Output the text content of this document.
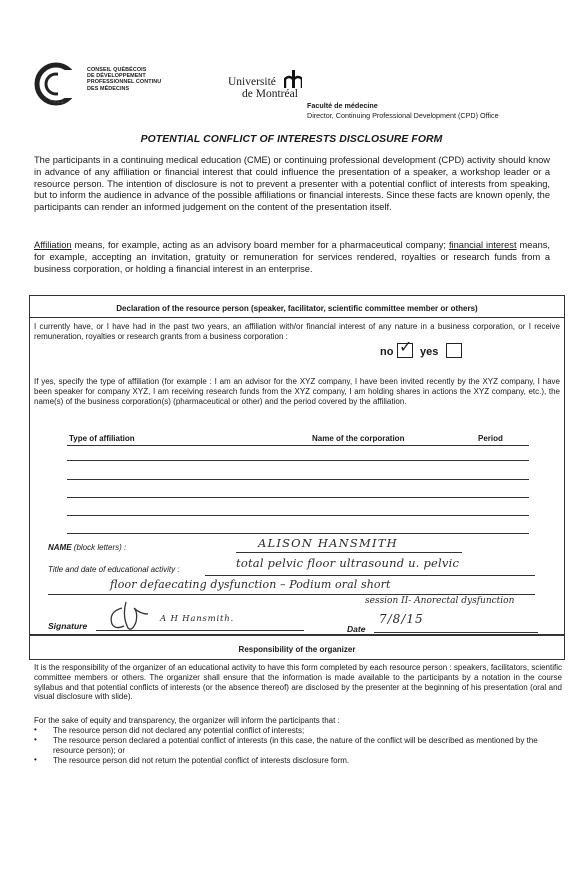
CONSEIL QUÉBÉCOIS
DE DÉVELOPPEMENT
PROFESSIONNEL CONTINU
DES MÉDECINS
Université
de Montréal
Faculté de médecine
Director, Continuing Professional Development (CPD) Office
POTENTIAL CONFLICT OF INTERESTS DISCLOSURE FORM

The participants in a continuing medical education (CME) or continuing professional development (CPD) activity should know in advance of any affiliation or financial interest that could influence the presentation of a speaker, a workshop leader or a resource person. The intention of disclosure is not to prevent a presenter with a potential conflict of interests from speaking, but to inform the audience in advance of the possible affiliations or financial interests. Since these facts are known openly, the participants can render an informed judgement on the content of the presentation itself.

Affiliation means, for example, acting as an advisory board member for a pharmaceutical company; financial interest means, for example, accepting an invitation, gratuity or remuneration for services rendered, royalties or research funds from a business corporation, or holding a financial interest in an enterprise.

Declaration of the resource person (speaker, facilitator, scientific committee member or others)

I currently have, or I have had in the past two years, an affiliation with/or financial interest of any nature in a business corporation, or I receive remuneration, royalties or research grants from a business corporation :

no ✓ yes

If yes, specify the type of affiliation (for example : I am an advisor for the XYZ company, I have been invited recently by the XYZ company, I have been speaker for company XYZ, I am receiving research funds from the XYZ company, I am holding shares in actions the XYZ company, etc.), the name(s) of the business corporation(s) (pharmaceutical or other) and the period covered by the affiliation.

Type of affiliation	Name of the corporation	Period
NAME (block letters) :	ALISON HANSMITH
Title and date of educational activity :	total pelvic floor ultrasound u. pelvic
floor defaecating dysfunction – Podium oral short
session II- Anorectal dysfunction
Signature
A H Hansmith.
Date
7/8/15
Responsibility of the organizer

It is the responsibility of the organizer of an educational activity to have this form completed by each resource person : speakers, facilitators, scientific committee members or others. The organizer shall ensure that the information is made available to the participants by a notation in the course syllabus and that potential conflicts of interests (or the absence thereof) are disclosed by the presenter at the beginning of his presentation (oral and visual disclosure with slide).

For the sake of equity and transparency, the organizer will inform the participants that :

• The resource person did not declared any potential conflict of interests;

• The resource person declared a potential conflict of interests (in this case, the nature of the conflict will be described as mentioned by the resource person); or

• The resource person did not return the potential conflict of interests disclosure form.
